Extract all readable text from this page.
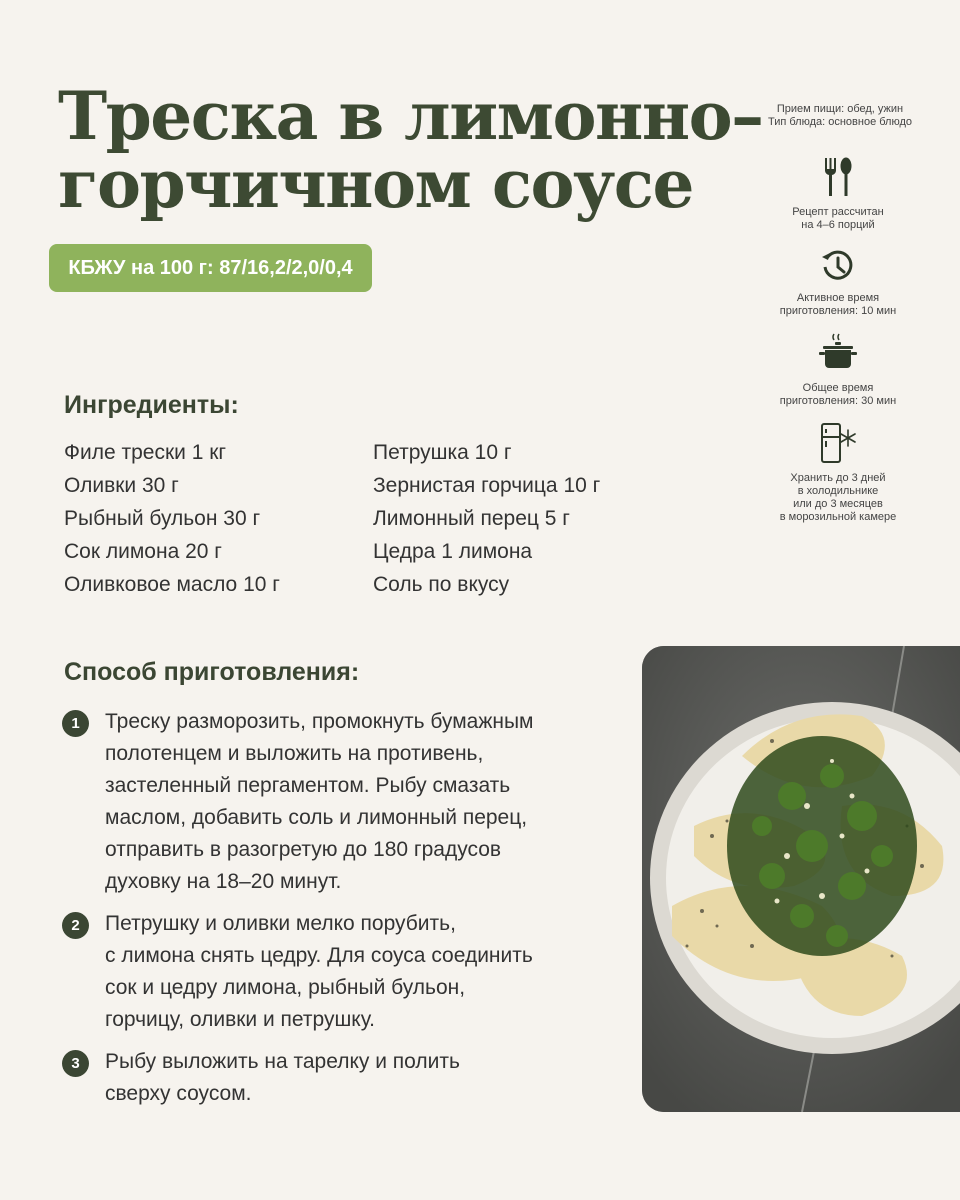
Треска в лимонно–
горчичном соусе
КБЖУ на 100 г: 87/16,2/2,0/0,4
Прием пищи: обед, ужин
Тип блюда: основное блюдо
Рецепт рассчитан
на 4–6 порций
Активное время
приготовления: 10 мин
Общее время
приготовления: 30 мин
Хранить до 3 дней
в холодильнике
или до 3 месяцев
в морозильной камере
Ингредиенты:
Филе трески 1 кг
Оливки 30 г
Рыбный бульон 30 г
Сок лимона 20 г
Оливковое масло 10 г
Петрушка 10 г
Зернистая горчица 10 г
Лимонный перец 5 г
Цедра 1 лимона
Соль по вкусу
Способ приготовления:
1	Треску разморозить, промокнуть бумажным
полотенцем и выложить на противень,
застеленный пергаментом. Рыбу смазать
маслом, добавить соль и лимонный перец,
отправить в разогретую до 180 градусов
духовку на 18–20 минут.
2	Петрушку и оливки мелко порубить,
с лимона снять цедру. Для соуса соединить
сок и цедру лимона, рыбный бульон,
горчицу, оливки и петрушку.
3	Рыбу выложить на тарелку и полить
сверху соусом.
